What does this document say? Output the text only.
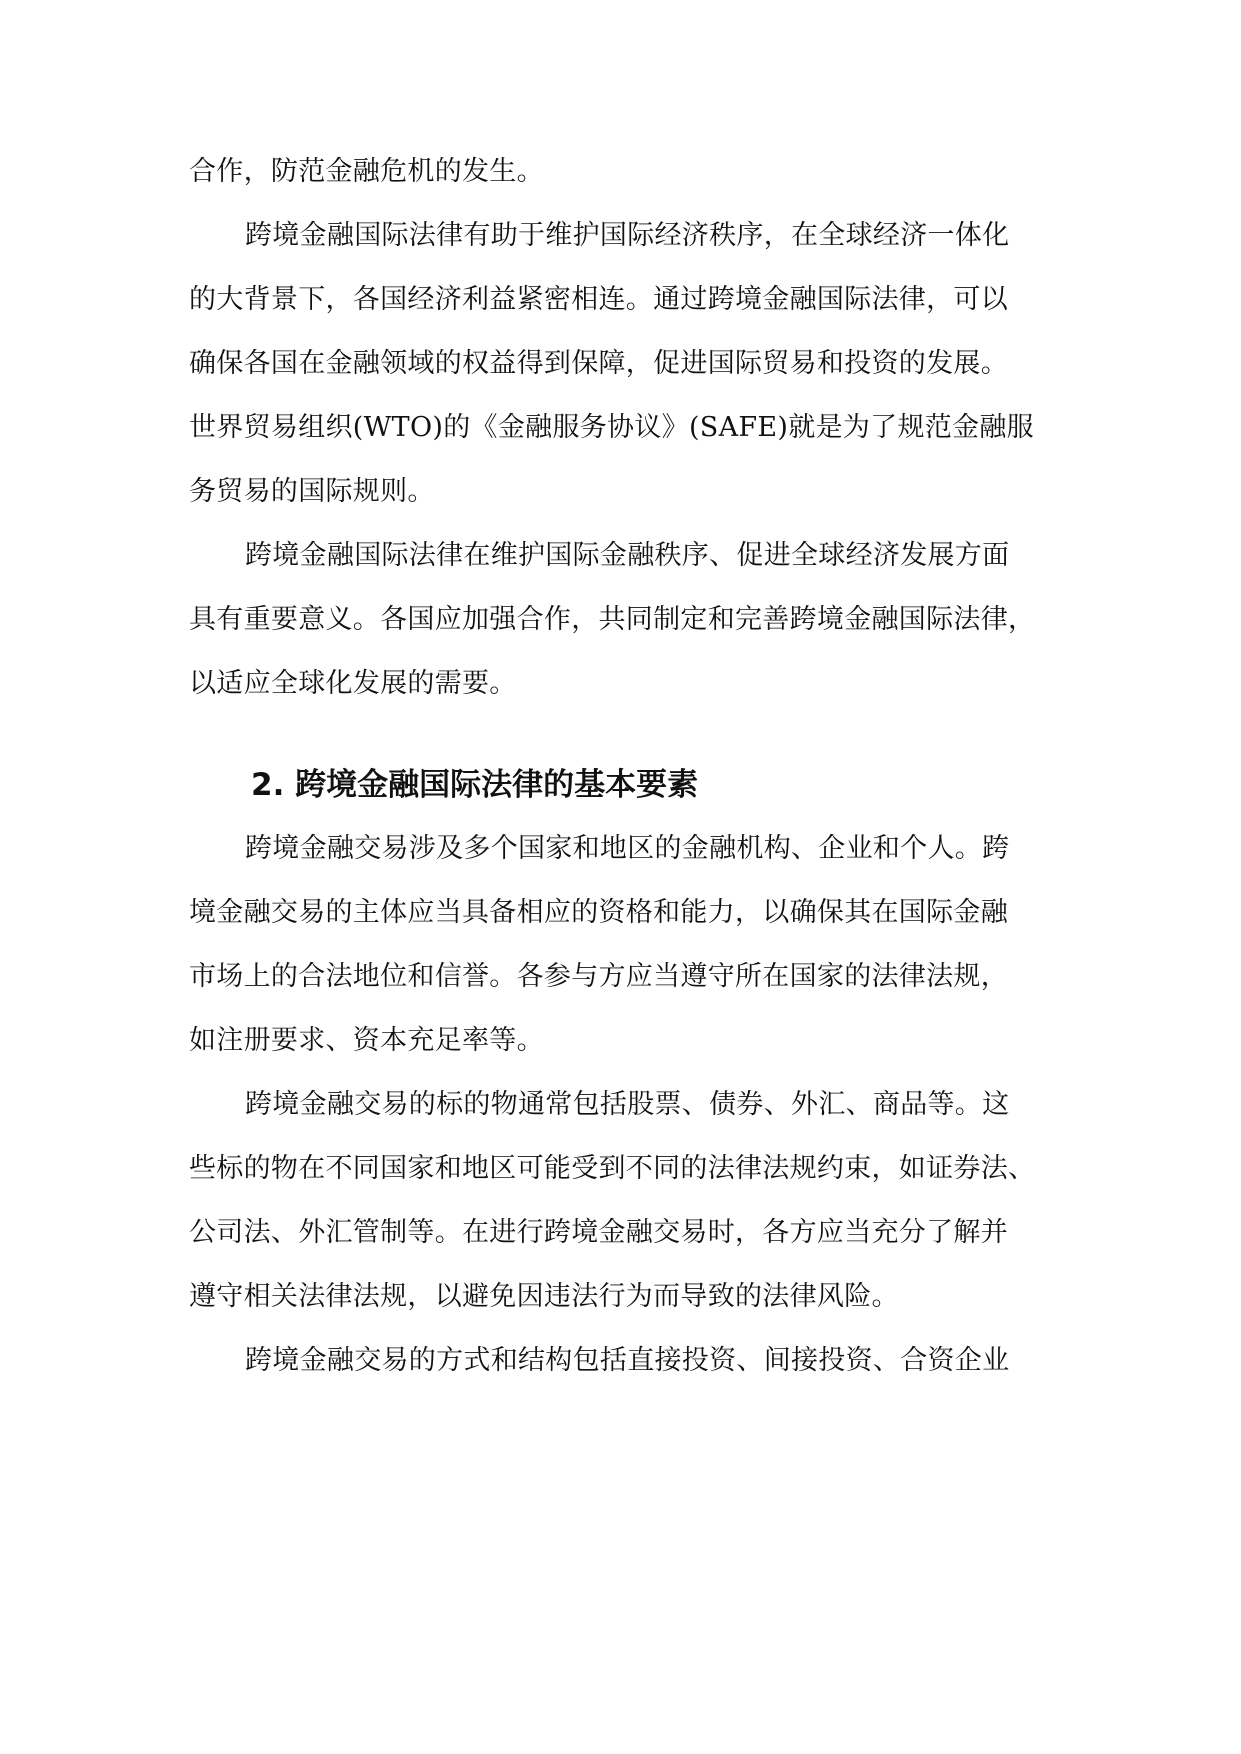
合作，防范金融危机的发生。
跨境金融国际法律有助于维护国际经济秩序，在全球经济一体化
的大背景下，各国经济利益紧密相连。通过跨境金融国际法律，可以
确保各国在金融领域的权益得到保障，促进国际贸易和投资的发展。
世界贸易组织(WTO)的《金融服务协议》(SAFE)就是为了规范金融服
务贸易的国际规则。
跨境金融国际法律在维护国际金融秩序、促进全球经济发展方面
具有重要意义。各国应加强合作，共同制定和完善跨境金融国际法律，
以适应全球化发展的需要。
2. 跨境金融国际法律的基本要素
跨境金融交易涉及多个国家和地区的金融机构、企业和个人。跨
境金融交易的主体应当具备相应的资格和能力，以确保其在国际金融
市场上的合法地位和信誉。各参与方应当遵守所在国家的法律法规，
如注册要求、资本充足率等。
跨境金融交易的标的物通常包括股票、债券、外汇、商品等。这
些标的物在不同国家和地区可能受到不同的法律法规约束，如证券法、
公司法、外汇管制等。在进行跨境金融交易时，各方应当充分了解并
遵守相关法律法规，以避免因违法行为而导致的法律风险。
跨境金融交易的方式和结构包括直接投资、间接投资、合资企业
